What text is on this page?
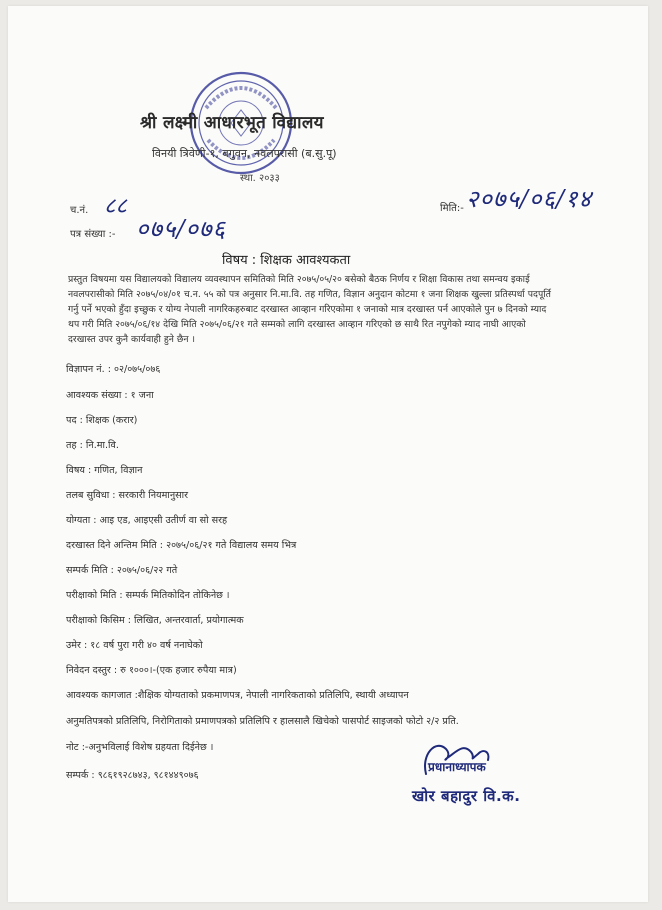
श्री लक्ष्मी आधारभूत विद्यालय
विनयी त्रिवेणी-१, बगुवन, नवलपरासी (ब.सु.पू)
स्था. २०३३
च.नं. ८८
पत्र संख्या :- ०७५/०७६
मिति:- २०७५/०६/१४
विषय : शिक्षक आवश्यकता

प्रस्तुत विषयमा यस विद्यालयको विद्यालय व्यवस्थापन समितिको मिति २०७५/०५/२० बसेको बैठक निर्णय र शिक्षा विकास तथा समन्वय इकाई नवलपरासीको मिति २०७५/०४/०१ च.न. ५५ को पत्र अनुसार नि.मा.वि. तह गणित, विज्ञान अनुदान कोटमा १ जना शिक्षक खुल्ला प्रतिस्पर्धा पदपूर्ति गर्नु पर्ने भएको हुँदा इच्छुक र योग्य नेपाली नागरिकहरुबाट दरखास्त आव्हान गरिएकोमा १ जनाको मात्र दरखास्त पर्न आएकोले पुन ७ दिनको म्याद थप गरी मिति २०७५/०६/१४ देखि मिति २०७५/०६/२१ गते सम्मको लागि दरखास्त आव्हान गरिएको छ साथै रित नपुगेको म्याद नाघी आएको दरखास्त उपर कुनै कार्यवाही हुने छैन ।

विज्ञापन नं. : ०२/०७५/०७६
आवश्यक संख्या : १ जना
पद : शिक्षक (करार)
तह : नि.मा.वि.
विषय : गणित, विज्ञान
तलब सुविधा : सरकारी नियमानुसार
योग्यता : आइ एड, आइएसी उतीर्ण वा सो सरह
दरखास्त दिने अन्तिम मिति : २०७५/०६/२१ गते विद्यालय समय भित्र
सम्पर्क मिति : २०७५/०६/२२ गते
परीक्षाको मिति : सम्पर्क मितिकोदिन तोकिनेछ ।
परीक्षाको किसिम : लिखित, अन्तरवार्ता, प्रयोगात्मक
उमेर : १८ वर्ष पुरा गरी ४० वर्ष ननाघेको
निवेदन दस्तुर : रु १०००।-(एक हजार रुपैया मात्र)
आवश्यक कागजात :शैक्षिक योग्यताको प्रकमाणपत्र, नेपाली नागरिकताको प्रतिलिपि, स्थायी अध्यापन
अनुमतिपत्रको प्रतिलिपि, निरोगिताको प्रमाणपत्रको प्रतिलिपि र हालसालै खिचेको पासपोर्ट साइजको फोटो २/२ प्रति.
नोट :-अनुभविलाई विशेष ग्रहयता दिईनेछ ।
सम्पर्क : ९८६१९२८७४३, ९८१४४९०७६
प्रधानाध्यापक
खोर बहादुर वि.क.
